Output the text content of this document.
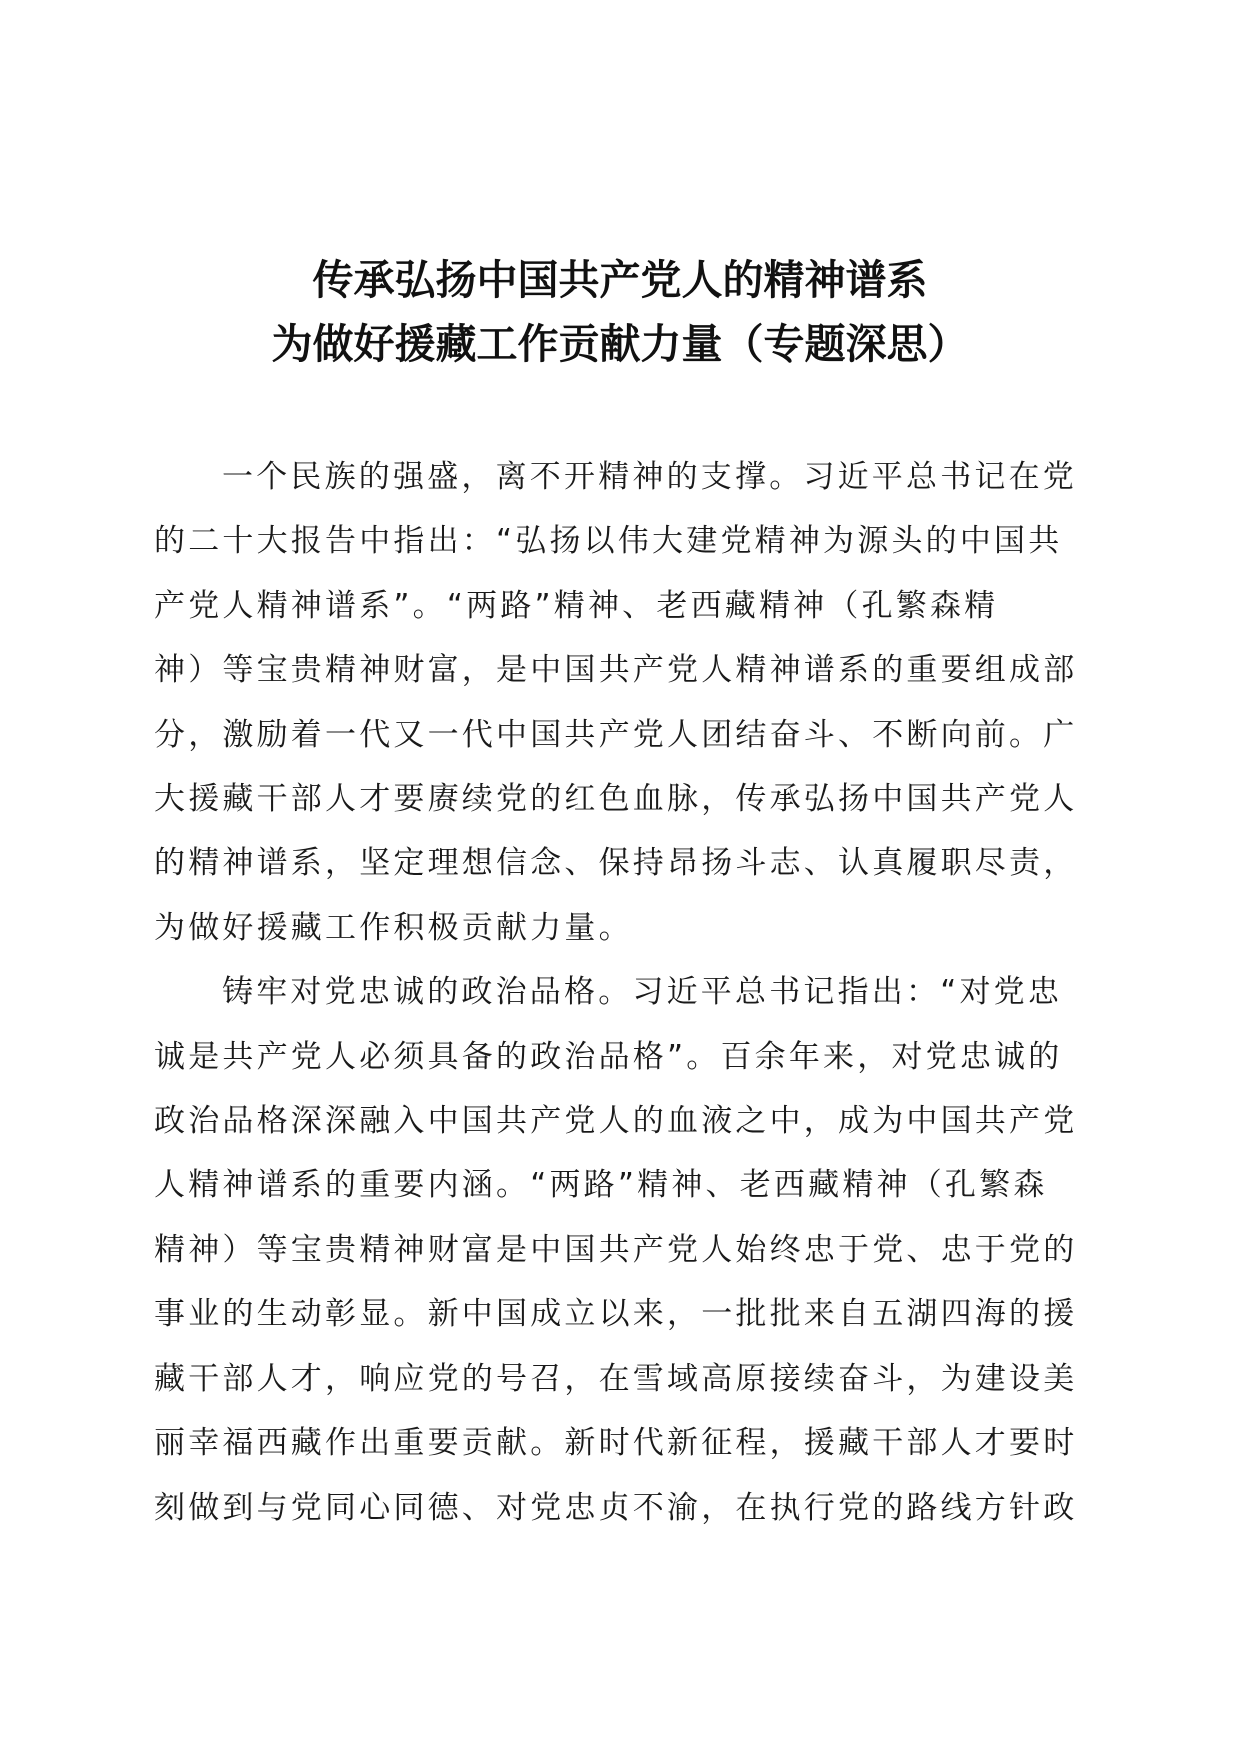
传承弘扬中国共产党人的精神谱系
为做好援藏工作贡献力量（专题深思）

一个民族的强盛，离不开精神的支撑。习近平总书记在党
的二十大报告中指出：“弘扬以伟大建党精神为源头的中国共
产党人精神谱系”。“两路”精神、老西藏精神（孔繁森精
神）等宝贵精神财富，是中国共产党人精神谱系的重要组成部
分，激励着一代又一代中国共产党人团结奋斗、不断向前。广
大援藏干部人才要赓续党的红色血脉，传承弘扬中国共产党人
的精神谱系，坚定理想信念、保持昂扬斗志、认真履职尽责，
为做好援藏工作积极贡献力量。

铸牢对党忠诚的政治品格。习近平总书记指出：“对党忠
诚是共产党人必须具备的政治品格”。百余年来，对党忠诚的
政治品格深深融入中国共产党人的血液之中，成为中国共产党
人精神谱系的重要内涵。“两路”精神、老西藏精神（孔繁森
精神）等宝贵精神财富是中国共产党人始终忠于党、忠于党的
事业的生动彰显。新中国成立以来，一批批来自五湖四海的援
藏干部人才，响应党的号召，在雪域高原接续奋斗，为建设美
丽幸福西藏作出重要贡献。新时代新征程，援藏干部人才要时
刻做到与党同心同德、对党忠贞不渝，在执行党的路线方针政
